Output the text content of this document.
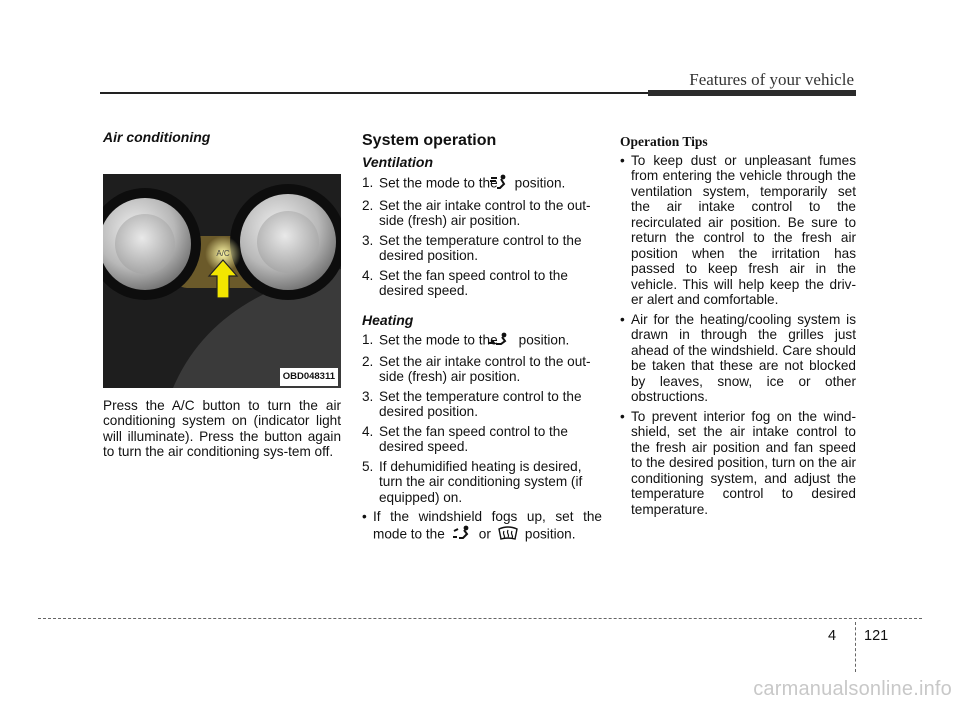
Features of your vehicle
Air conditioning
A/C
OBD048311

Press the A/C button to turn the air conditioning system on (indicator light will illuminate). Press the button again to turn the air conditioning sys-tem off.

System operation
Ventilation
1. Set the mode to the position.
2. Set the air intake control to the out-side (fresh) air position.
3. Set the temperature control to the desired position.
4. Set the fan speed control to the desired speed.
Heating
1. Set the mode to the position.
2. Set the air intake control to the out-side (fresh) air position.
3. Set the temperature control to the desired position.
4. Set the fan speed control to the desired speed.
5. If dehumidified heating is desired, turn the air conditioning system (if equipped) on.
• If the windshield fogs up, set the mode to the	or	position.
Operation Tips
• To keep dust or unpleasant fumes from entering the vehicle through the ventilation system, temporarily set the air intake control to the recirculated air position. Be sure to return the control to the fresh air position when the irritation has passed to keep fresh air in the vehicle. This will help keep the driv-er alert and comfortable.
• Air for the heating/cooling system is drawn in through the grilles just ahead of the windshield. Care should be taken that these are not blocked by leaves, snow, ice or other obstructions.
• To prevent interior fog on the wind-shield, set the air intake control to the fresh air position and fan speed to the desired position, turn on the air conditioning system, and adjust the temperature control to desired temperature.
4 121
carmanualsonline.info
